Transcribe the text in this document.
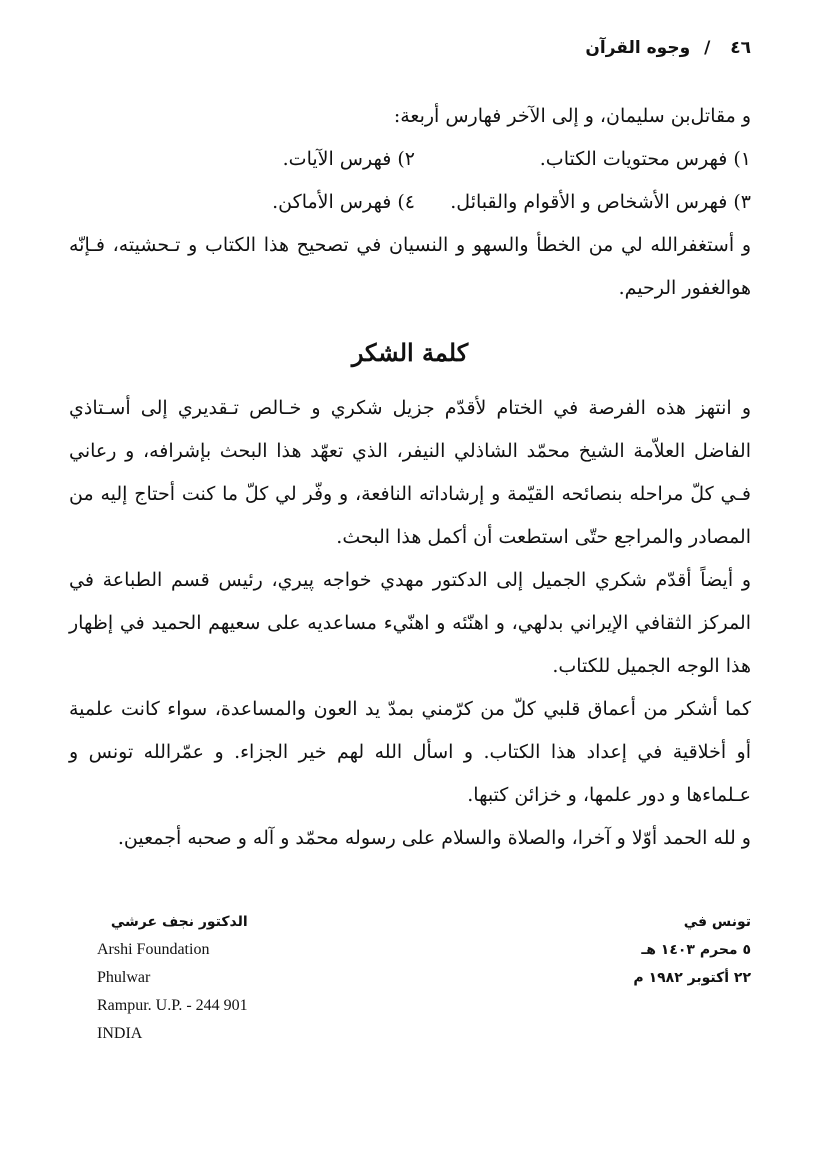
٤٦ / وجوه القرآن

و مقاتل‌بن سليمان، و إلى الآخر فهارس أربعة:

١) فهرس محتويات الكتاب.
٢) فهرس الآيات.
٣) فهرس الأشخاص و الأقوام والقبائل.
٤) فهرس الأماكن.

و أستغفرالله لي من الخطأ والسهو و النسيان في تصحيح هذا الكتاب و تـحشيته، فـإنّه هوالغفور الرحيم.

كلمة الشكر

و انتهز هذه الفرصة في الختام لأقدّم جزيل شكري و خـالص تـقديري إلى أسـتاذي الفاضل العلاّمة الشيخ محمّد الشاذلي النيفر، الذي تعهّد هذا البحث بإشرافه، و رعاني فـي كلّ مراحله بنصائحه القيّمة و إرشاداته النافعة، و وفّر لي كلّ ما كنت أحتاج إليه من المصادر والمراجع حتّى استطعت أن أكمل هذا البحث.

و أيضاً أقدّم شكري الجميل إلى الدكتور مهدي خواجه پيري، رئيس قسم الطباعة في المركز الثقافي الإيراني بدلهي، و اهنّئه و اهنّيء مساعديه على سعيهم الحميد في إظهار هذا الوجه الجميل للكتاب.

كما أشكر من أعماق قلبي كلّ من كرّمني بمدّ يد العون والمساعدة، سواء كانت علمية أو أخلاقية في إعداد هذا الكتاب. و اسأل الله لهم خير الجزاء. و عمّرالله تونس و عـلماءها و دور علمها، و خزائن كتبها.

و لله الحمد أوّلا و آخرا، والصلاة والسلام على رسوله محمّد و آله و صحبه أجمعين.

الدكتور نجف عرشي
Arshi Foundation
Phulwar
Rampur. U.P. - 244 901
INDIA
تونس في
٥ محرم ١٤٠٣ هـ
٢٢ أكتوبر ١٩٨٢ م
